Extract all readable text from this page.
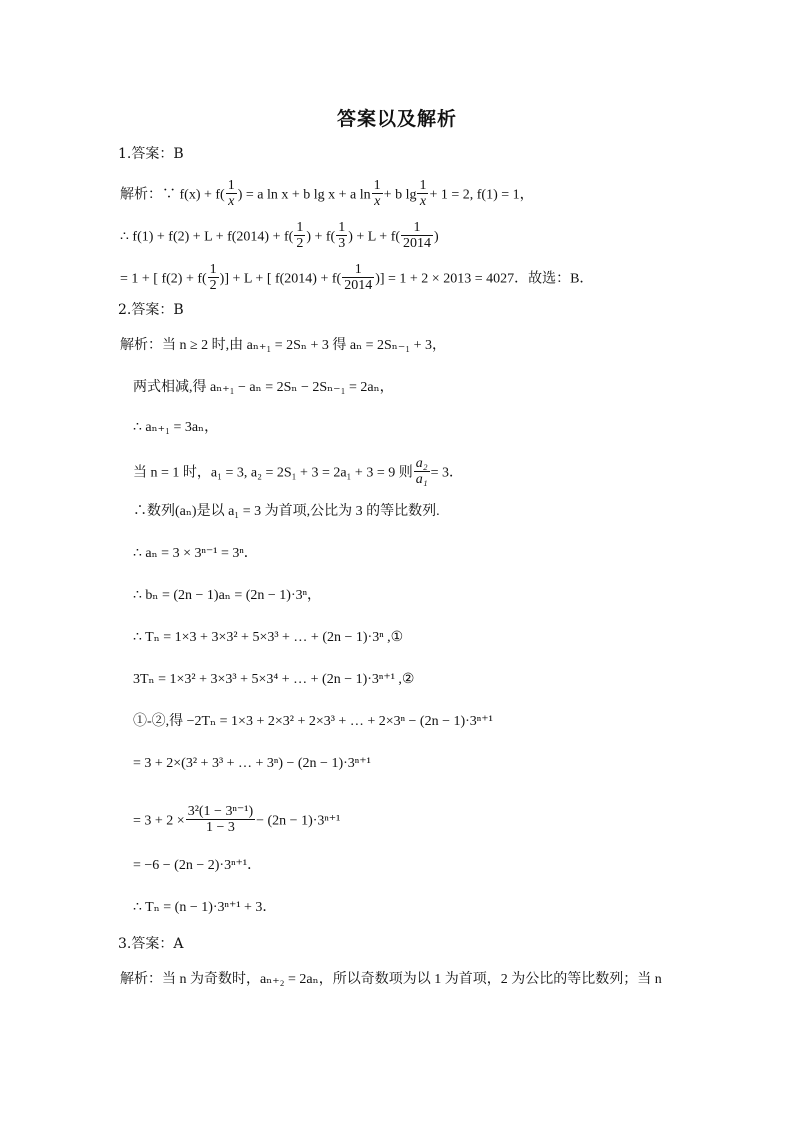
答案以及解析
1.答案：B
解析：∵ $f(x) + f( \frac{1}{x}$ ) = a ln x + b lg x + a $\ln \frac{1}{x} + b$ $\lg \frac{1}{x} + 1 = 2$, f(1) = 1，
∴ $f(1) + f(2) + L + f(2014) + f( \frac{1}{2}$ ) + $f( \frac{1}{3}$ ) + $L + f( \frac{1}{2014}$ )
= 1 + [ $f(2) + f( \frac{1}{2}$ )] + L + [ $f(2014) + f( \frac{1}{2014}$ )] = 1 + 2 × 2013 = 4027．故选：B．
2.答案：B
解析：当 n ≥ 2 时,由 aₙ₊₁ = 2Sₙ + 3 得 aₙ = 2Sₙ₋₁ + 3，
两式相减,得 aₙ₊₁ − aₙ = 2Sₙ − 2Sₙ₋₁ = 2aₙ，
∴ aₙ₊₁ = 3aₙ，
当 n = 1 时，a₁ = 3, a₂ = 2S₁ + 3 = 2a₁ + 3 = 9 则 $\frac{\text{a₂}}{\text{a₁}} = 3$．
∴数列(aₙ)是以 a₁ = 3 为首项,公比为 3 的等比数列.
∴ aₙ = 3 × 3ⁿ⁻¹ = 3ⁿ．
∴ bₙ = (2n − 1)aₙ = (2n − 1)·3ⁿ，
∴ Tₙ = 1×3 + 3×3² + 5×3³ + … + (2n − 1)·3ⁿ ,①
3Tₙ = 1×3² + 3×3³ + 5×3⁴ + … + (2n − 1)·3ⁿ⁺¹ ,②
①-②,得 −2Tₙ = 1×3 + 2×3² + 2×3³ + … + 2×3ⁿ − (2n − 1)·3ⁿ⁺¹
= 3 + 2×(3² + 3³ + … + 3ⁿ) − (2n − 1)·3ⁿ⁺¹
= $3 + 2 \times \frac{\text{3²(1 − 3ⁿ⁻¹)}}{1 - 3} - (2n - 1)\cdot 3^{n+1}$
= −6 − (2n − 2)·3ⁿ⁺¹．
∴ Tₙ = (n − 1)·3ⁿ⁺¹ + 3．
3.答案：A
解析：当 n 为奇数时，aₙ₊₂ = 2aₙ，所以奇数项为以 1 为首项，2 为公比的等比数列；当 n
